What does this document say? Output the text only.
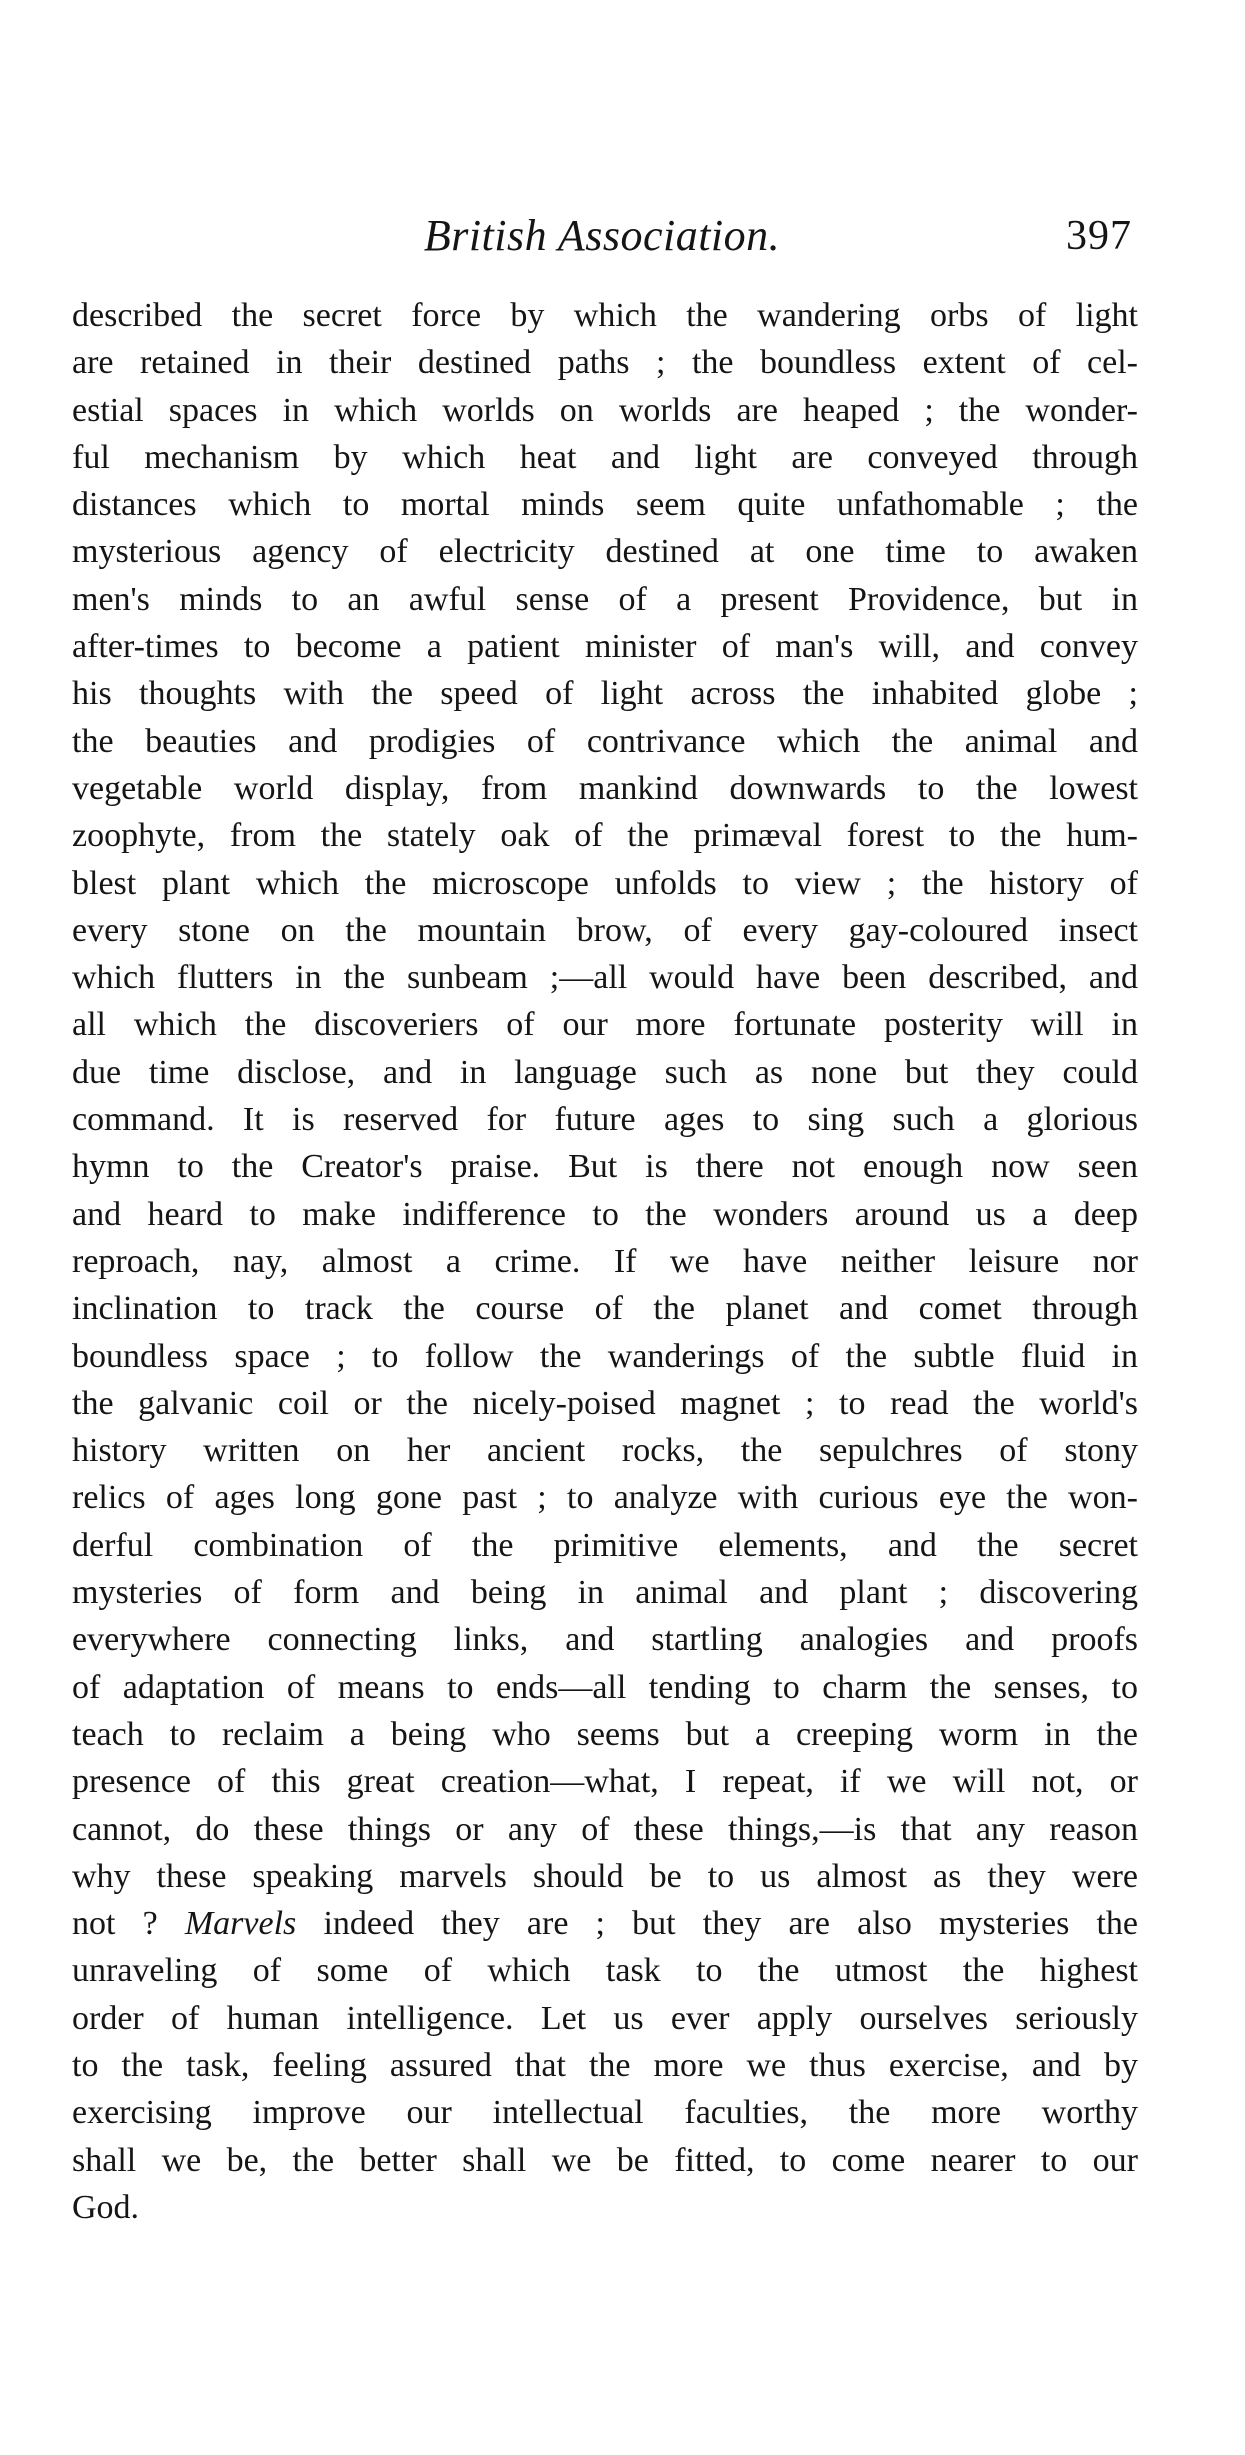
British Association.	397
described the secret force by which the wandering orbs of light
are retained in their destined paths ; the boundless extent of cel-
estial spaces in which worlds on worlds are heaped ; the wonder-
ful mechanism by which heat and light are conveyed through
distances which to mortal minds seem quite unfathomable ; the
mysterious agency of electricity destined at one time to awaken
men's minds to an awful sense of a present Providence, but in
after-times to become a patient minister of man's will, and convey
his thoughts with the speed of light across the inhabited globe ;
the beauties and prodigies of contrivance which the animal and
vegetable world display, from mankind downwards to the lowest
zoophyte, from the stately oak of the primæval forest to the hum-
blest plant which the microscope unfolds to view ; the history of
every stone on the mountain brow, of every gay-coloured insect
which flutters in the sunbeam ;—all would have been described, and
all which the discoveriers of our more fortunate posterity will in
due time disclose, and in language such as none but they could
command. It is reserved for future ages to sing such a glorious
hymn to the Creator's praise. But is there not enough now seen
and heard to make indifference to the wonders around us a deep
reproach, nay, almost a crime. If we have neither leisure nor
inclination to track the course of the planet and comet through
boundless space ; to follow the wanderings of the subtle fluid in
the galvanic coil or the nicely-poised magnet ; to read the world's
history written on her ancient rocks, the sepulchres of stony
relics of ages long gone past ; to analyze with curious eye the won-
derful combination of the primitive elements, and the secret
mysteries of form and being in animal and plant ; discovering
everywhere connecting links, and startling analogies and proofs
of adaptation of means to ends—all tending to charm the senses, to
teach to reclaim a being who seems but a creeping worm in the
presence of this great creation—what, I repeat, if we will not, or
cannot, do these things or any of these things,—is that any reason
why these speaking marvels should be to us almost as they were
not ? Marvels indeed they are ; but they are also mysteries the
unraveling of some of which task to the utmost the highest
order of human intelligence. Let us ever apply ourselves seriously
to the task, feeling assured that the more we thus exercise, and by
exercising improve our intellectual faculties, the more worthy
shall we be, the better shall we be fitted, to come nearer to our
God.
